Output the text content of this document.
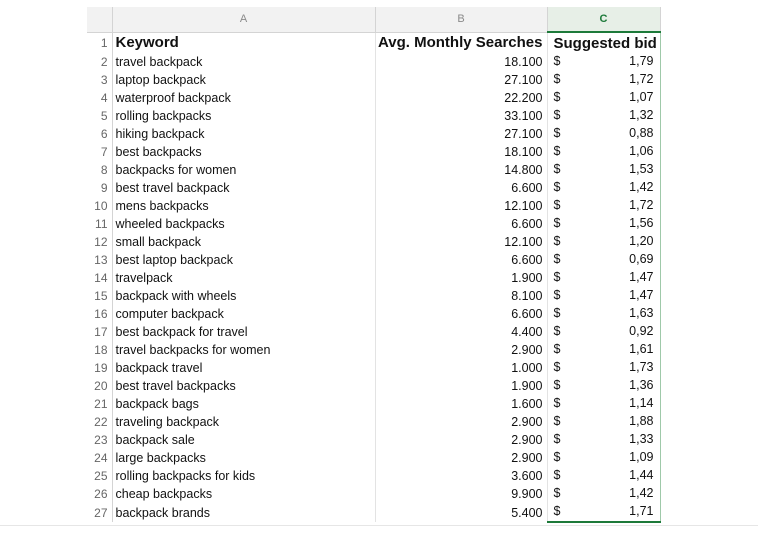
	A	B	C
1	Keyword	Avg. Monthly Searches	Suggested bid
2	travel backpack	18.100	$ 1,79

3	laptop backpack	27.100	$ 1,72

4	waterproof backpack	22.200	$ 1,07

5	rolling backpacks	33.100	$ 1,32

6	hiking backpack	27.100	$ 0,88

7	best backpacks	18.100	$ 1,06

8	backpacks for women	14.800	$ 1,53

9	best travel backpack	6.600	$ 1,42

10	mens backpacks	12.100	$ 1,72

11	wheeled backpacks	6.600	$ 1,56

12	small backpack	12.100	$ 1,20

13	best laptop backpack	6.600	$ 0,69

14	travelpack	1.900	$ 1,47

15	backpack with wheels	8.100	$ 1,47

16	computer backpack	6.600	$ 1,63

17	best backpack for travel	4.400	$ 0,92

18	travel backpacks for women	2.900	$ 1,61

19	backpack travel	1.000	$ 1,73

20	best travel backpacks	1.900	$ 1,36

21	backpack bags	1.600	$ 1,14

22	traveling backpack	2.900	$ 1,88

23	backpack sale	2.900	$ 1,33

24	large backpacks	2.900	$ 1,09

25	rolling backpacks for kids	3.600	$ 1,44

26	cheap backpacks	9.900	$ 1,42

27	backpack brands	5.400	$ 1,71
